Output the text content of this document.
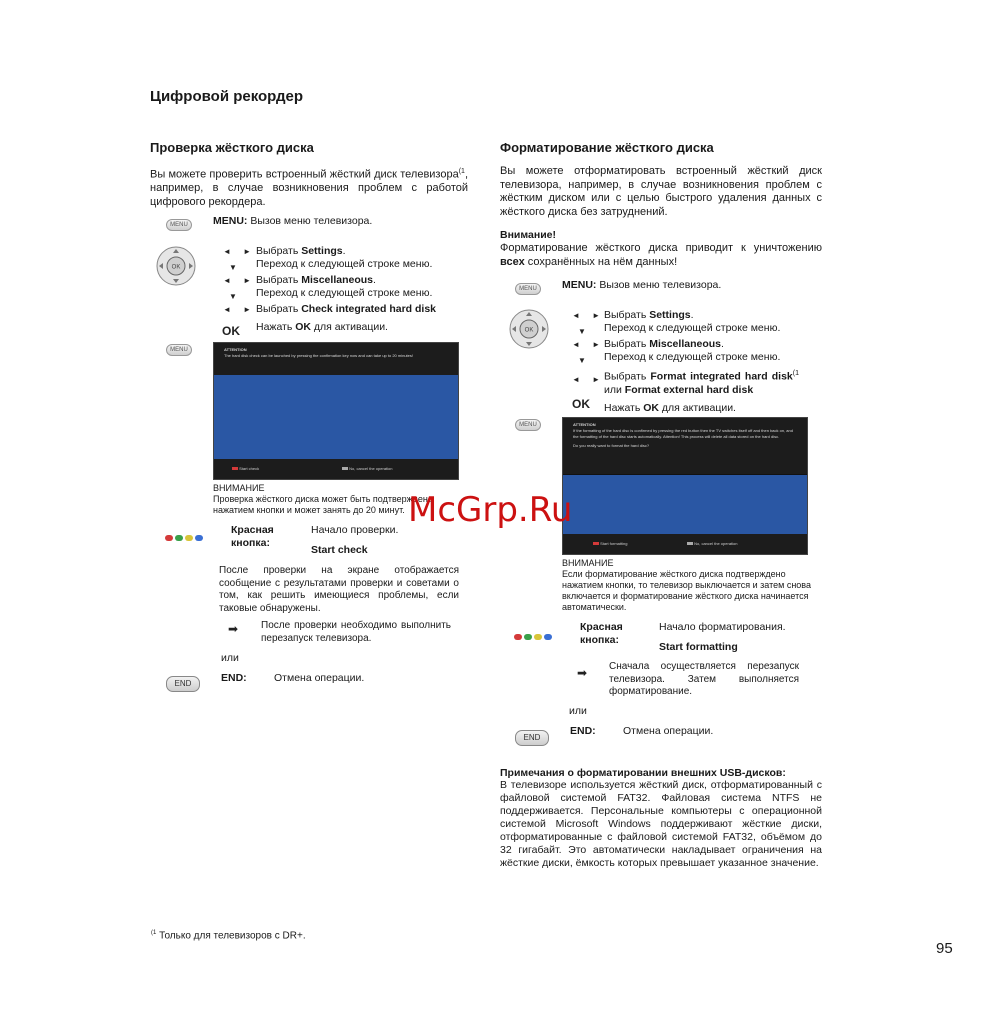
Цифровой рекордер
Проверка жёсткого диска
Вы можете проверить встроенный жёсткий диск телевизора$^{(1}$, например, в случае возникновения проблем с работой цифрового рекордера.
MENU	MENU: Вызов меню телевизора.
OK
◄ ► Выбрать Settings.
▼ Переход к следующей строке меню.
◄ ► Выбрать Miscellaneous.
▼ Переход к следующей строке меню.
◄ ► Выбрать Check integrated hard disk
OK Нажать OK для активации.
MENU	ATTENTION
The hard disk check can be launched by pressing the confirmation key now and can take up to 20 minutes!
Start check	No, cancel the operation
ВНИМАНИЕ
Проверка жёсткого диска может быть подтверждена нажатием кнопки и может занять до 20 минут.
Красная кнопка:
Начало проверки.
Start check
После проверки на экране отображается сообщение с результатами проверки и советами о том, как решить имеющиеся проблемы, если таковые обнаружены.
➡ После проверки необходимо выполнить перезапуск телевизора.
или
END	END:	Отмена операции.
Форматирование жёсткого диска
Вы можете отформатировать встроенный жёсткий диск телевизора, например, в случае возникновения проблем с жёстким диском или с целью быстрого удаления данных с жёсткого диска без затруднений.
Внимание!
Форматирование жёсткого диска приводит к уничтожению всех сохранённых на нём данных!
MENU	MENU: Вызов меню телевизора.
OK
◄ ►
Выбрать Settings.
▼ Переход к следующей строке меню.
◄ ►
Выбрать Miscellaneous.
▼ Переход к следующей строке меню.
◄ ►
Выбрать Format integrated hard disk$^{(1}$ или Format external hard disk
OK Нажать OK для активации.
MENU	ATTENTION
If the formatting of the hard disc is confirmed by pressing the red button then the TV switches itself off and then back on, and the formatting of the hard disc starts automatically. Attention! This process will delete all data stored on the hard disc.
Do you really want to format the hard disc?
Start formatting	No, cancel the operation
ВНИМАНИЕ
Если форматирование жёсткого диска подтверждено нажатием кнопки, то телевизор выключается и затем снова включается и форматирование жёсткого диска начинается автоматически.
Красная кнопка:
Начало форматирования.
Start formatting
➡ Сначала осуществляется перезапуск телевизора. Затем выполняется форматирование.
или
END
END:	Отмена операции.
Примечания о форматировании внешних USB-дисков:
В телевизоре используется жёсткий диск, отформатированный с файловой системой FAT32. Файловая система NTFS не поддерживается. Персональные компьютеры с операционной системой Microsoft Windows поддерживают жёсткие диски, отформатированные с файловой системой FAT32, объёмом до 32 гигабайт. Это автоматически накладывает ограничения на жёсткие диски, ёмкость которых превышает указанное значение.
$^{(1}$ Только для телевизоров с DR+.
95
McGrp.Ru
